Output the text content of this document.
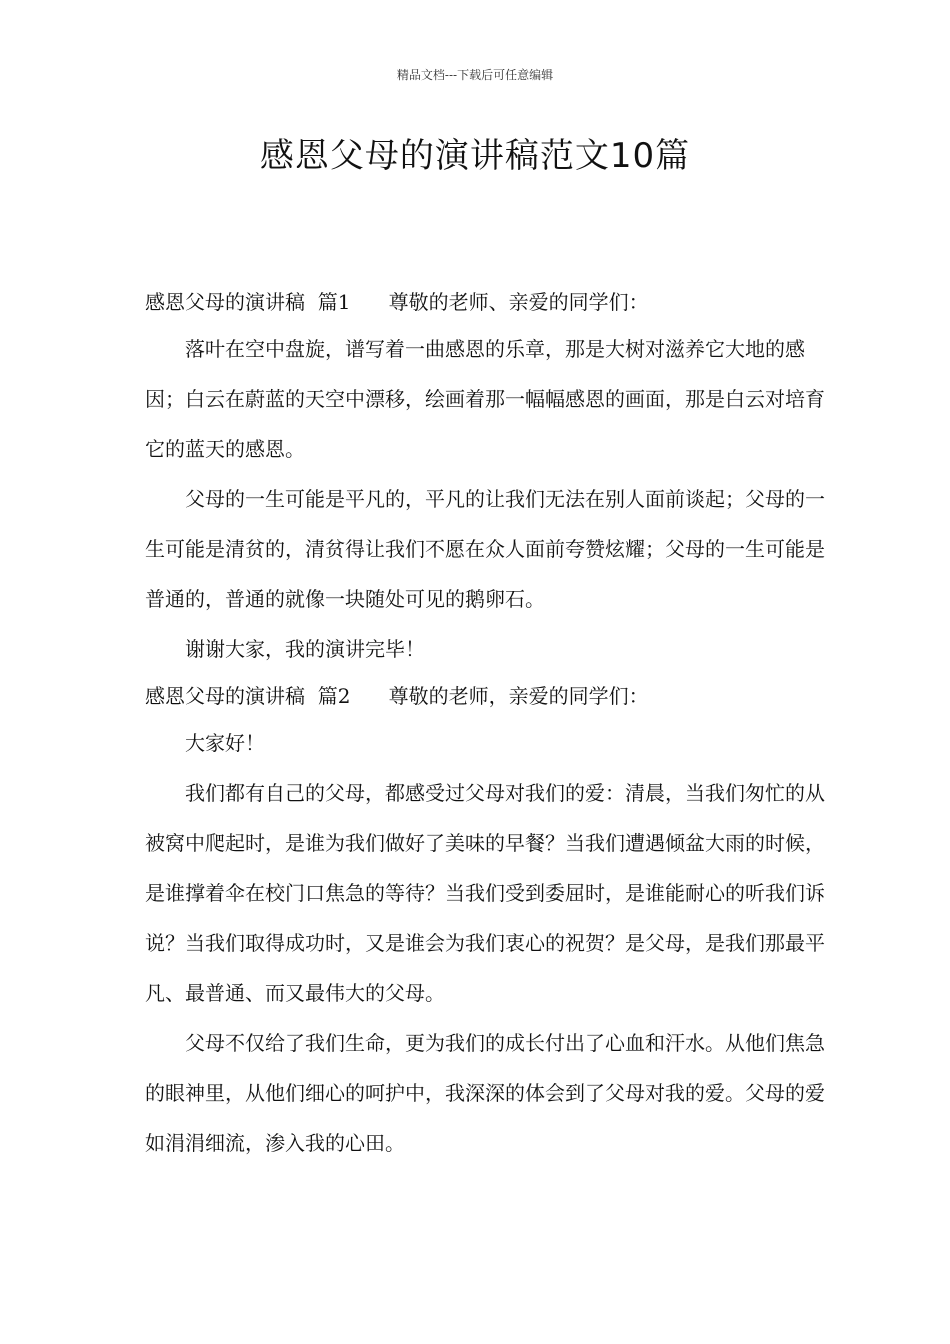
精品文档---下载后可任意编辑
感恩父母的演讲稿范文10篇

感恩父母的演讲稿  篇1      尊敬的老师、亲爱的同学们：

落叶在空中盘旋，谱写着一曲感恩的乐章，那是大树对滋养它大地的感因；白云在蔚蓝的天空中漂移，绘画着那一幅幅感恩的画面，那是白云对培育它的蓝天的感恩。

父母的一生可能是平凡的，平凡的让我们无法在别人面前谈起；父母的一生可能是清贫的，清贫得让我们不愿在众人面前夸赞炫耀；父母的一生可能是普通的，普通的就像一块随处可见的鹅卵石。

谢谢大家，我的演讲完毕！

感恩父母的演讲稿  篇2      尊敬的老师，亲爱的同学们：

大家好！

我们都有自己的父母，都感受过父母对我们的爱：清晨，当我们匆忙的从被窝中爬起时，是谁为我们做好了美味的早餐？当我们遭遇倾盆大雨的时候，是谁撑着伞在校门口焦急的等待？当我们受到委屈时，是谁能耐心的听我们诉说？当我们取得成功时，又是谁会为我们衷心的祝贺？是父母，是我们那最平凡、最普通、而又最伟大的父母。

父母不仅给了我们生命，更为我们的成长付出了心血和汗水。从他们焦急的眼神里，从他们细心的呵护中，我深深的体会到了父母对我的爱。父母的爱如涓涓细流，渗入我的心田。
